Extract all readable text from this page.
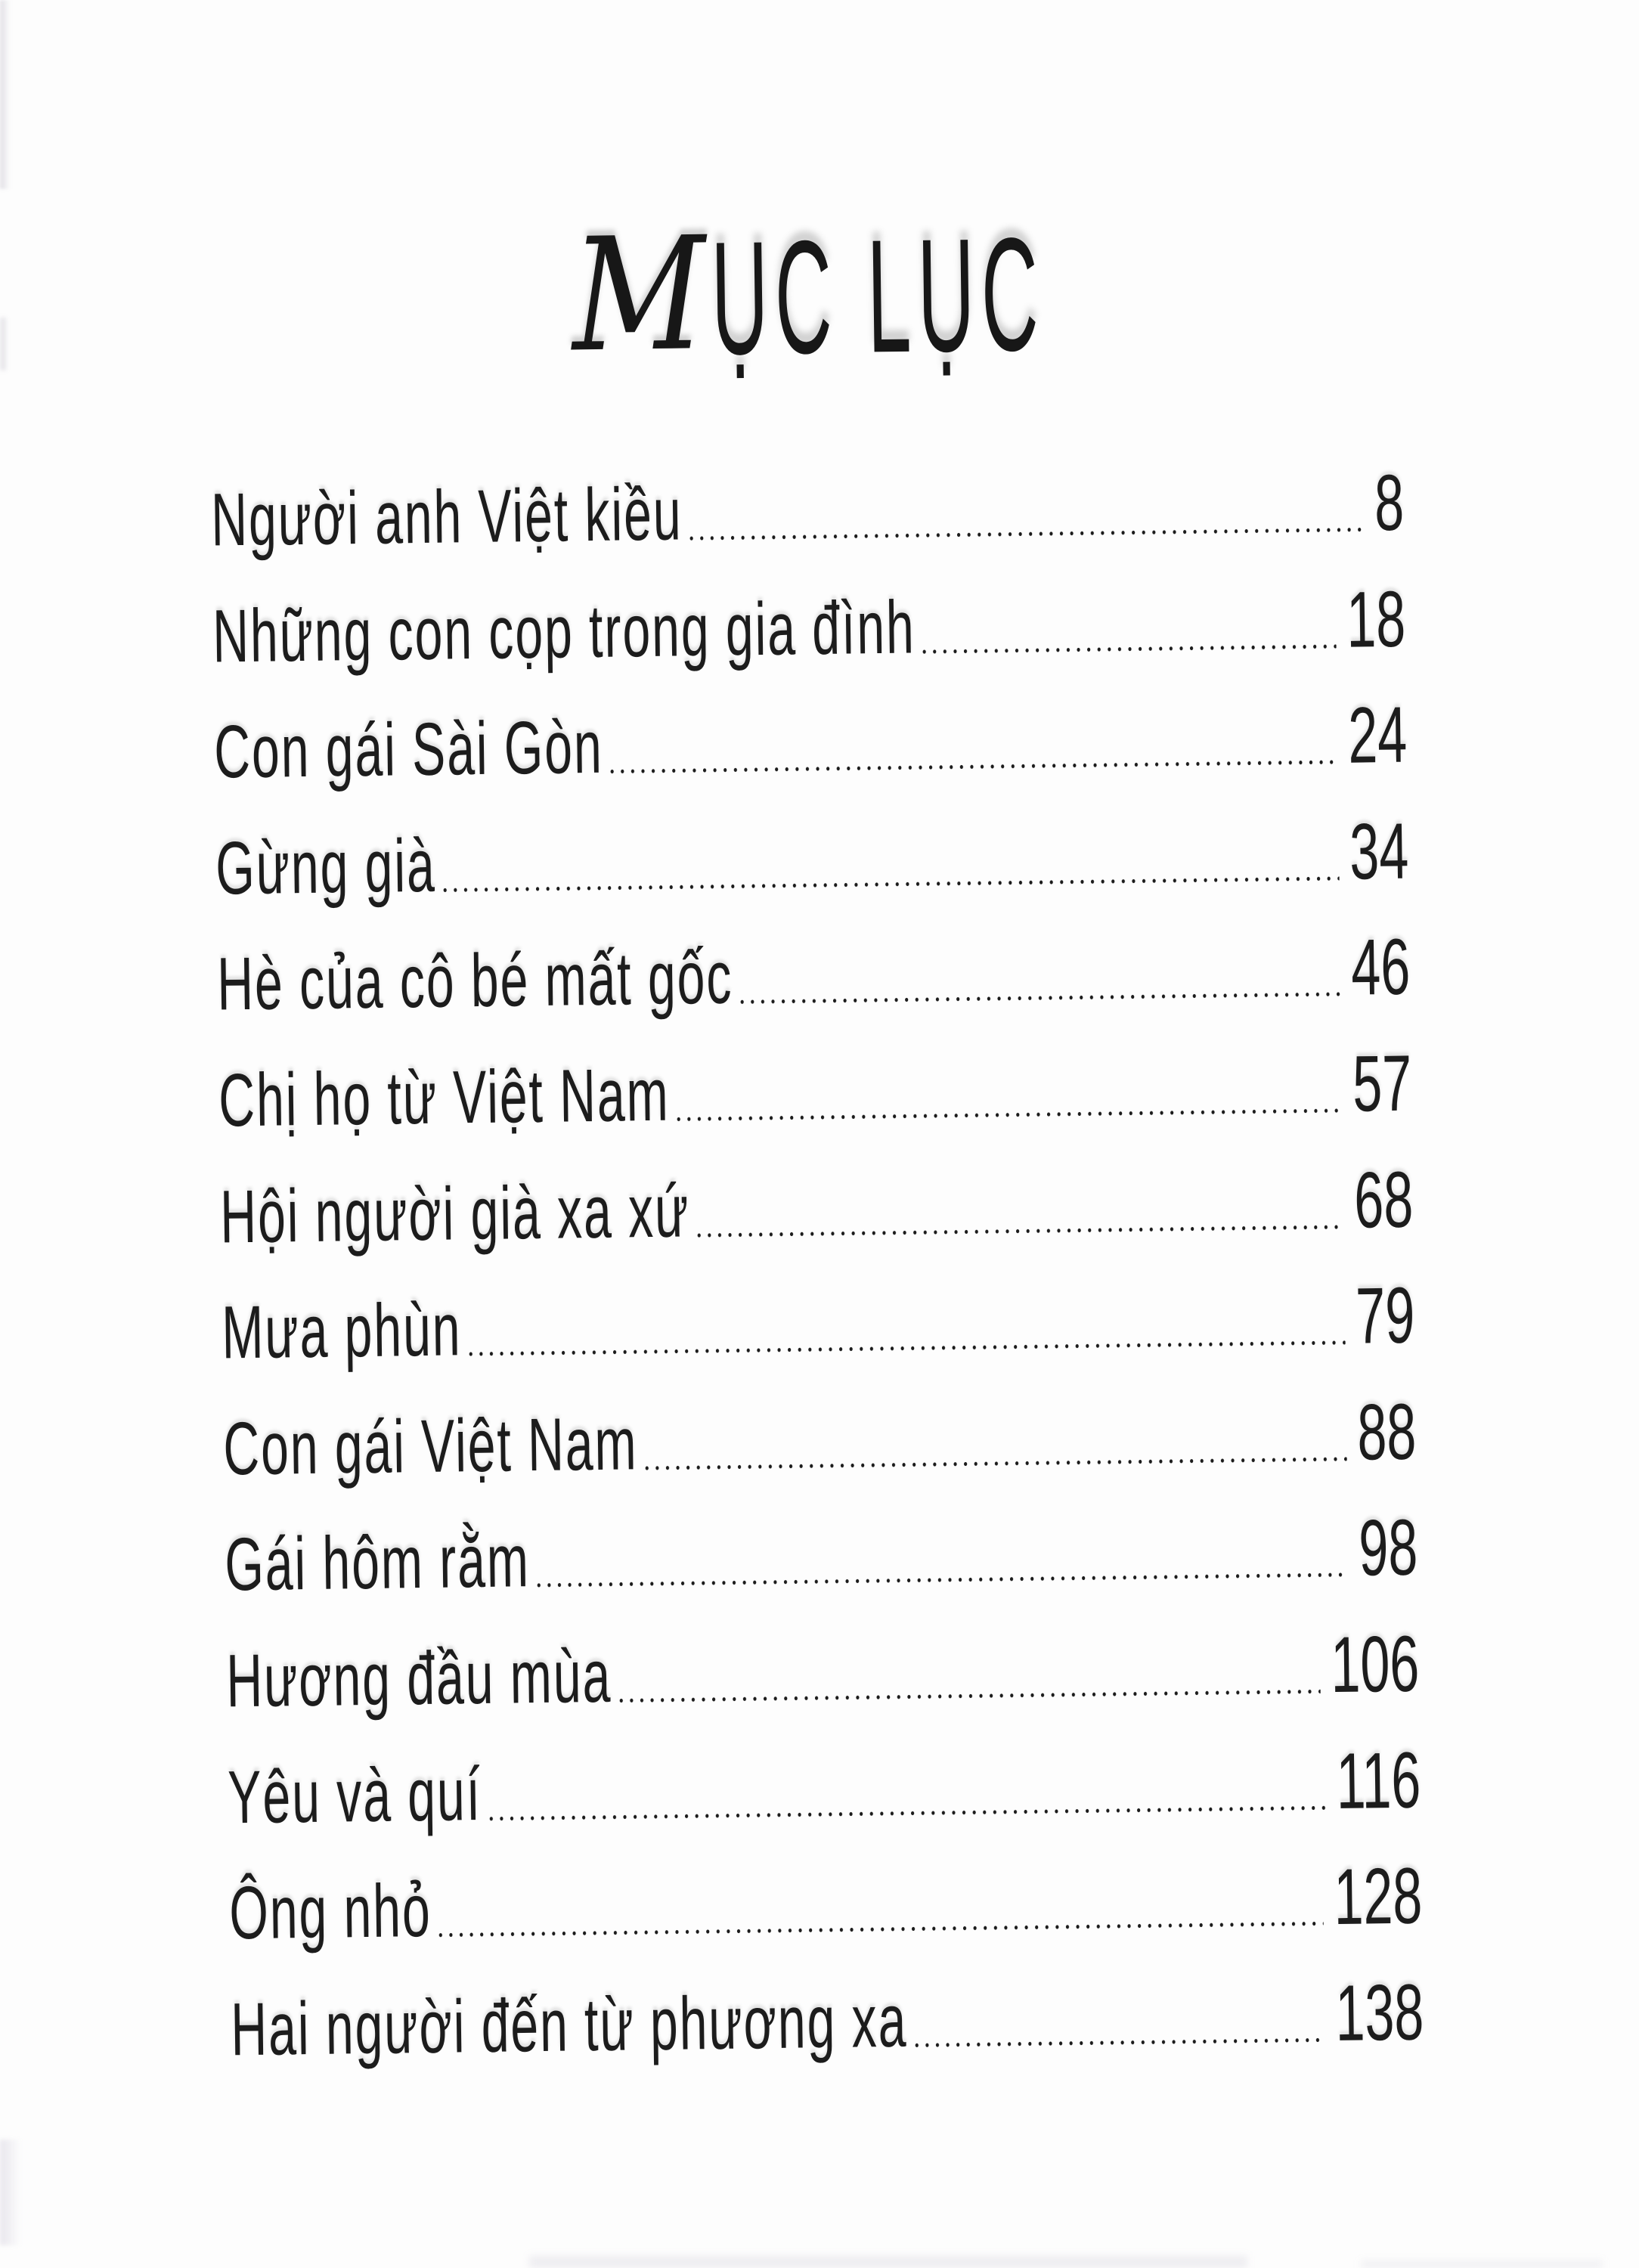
M ỤC LỤC
Người anh Việt kiều	8
Những con cọp trong gia đình	18
Con gái Sài Gòn	24
Gừng già	34
Hè của cô bé mất gốc	46
Chị họ từ Việt Nam	57
Hội người già xa xứ	68
Mưa phùn	79
Con gái Việt Nam	88
Gái hôm rằm	98
Hương đầu mùa	106
Yêu và quí	116
Ông nhỏ	128
Hai người đến từ phương xa	138
